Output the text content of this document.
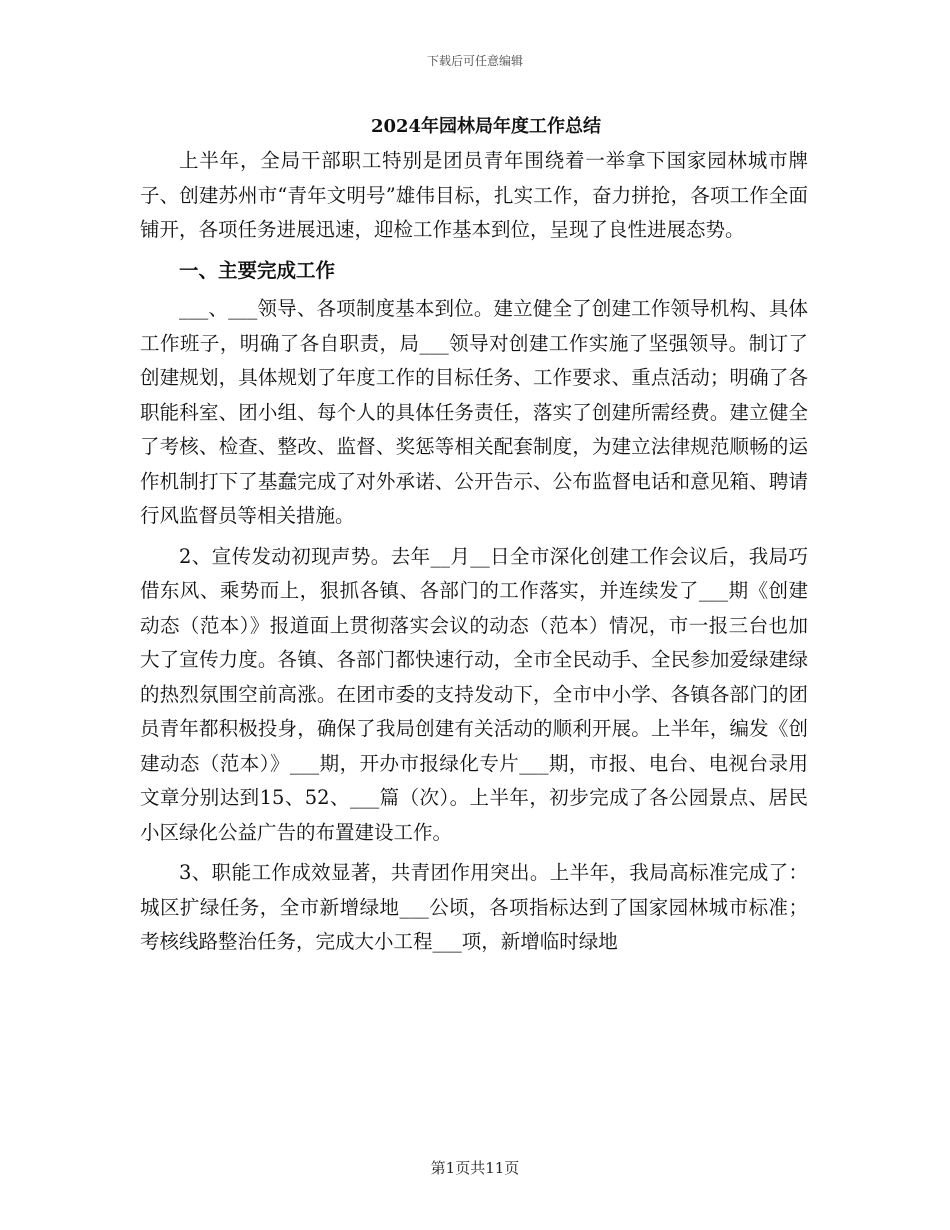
下载后可任意编辑
2024年园林局年度工作总结

上半年，全局干部职工特别是团员青年围绕着一举拿下国家园林城市牌子、创建苏州市“青年文明号”雄伟目标，扎实工作，奋力拼抢，各项工作全面铺开，各项任务进展迅速，迎检工作基本到位，呈现了良性进展态势。

一、主要完成工作

___、___领导、各项制度基本到位。建立健全了创建工作领导机构、具体工作班子，明确了各自职责，局___领导对创建工作实施了坚强领导。制订了创建规划，具体规划了年度工作的目标任务、工作要求、重点活动；明确了各职能科室、团小组、每个人的具体任务责任，落实了创建所需经费。建立健全了考核、检查、整改、监督、奖惩等相关配套制度，为建立法律规范顺畅的运作机制打下了基蠢完成了对外承诺、公开告示、公布监督电话和意见箱、聘请行风监督员等相关措施。

2、宣传发动初现声势。去年__月__日全市深化创建工作会议后，我局巧借东风、乘势而上，狠抓各镇、各部门的工作落实，并连续发了___期《创建动态（范本）》报道面上贯彻落实会议的动态（范本）情况，市一报三台也加大了宣传力度。各镇、各部门都快速行动，全市全民动手、全民参加爱绿建绿的热烈氛围空前高涨。在团市委的支持发动下，全市中小学、各镇各部门的团员青年都积极投身，确保了我局创建有关活动的顺利开展。上半年，编发《创建动态（范本）》___期，开办市报绿化专片___期，市报、电台、电视台录用文章分别达到15、52、___篇（次）。上半年，初步完成了各公园景点、居民小区绿化公益广告的布置建设工作。

3、职能工作成效显著，共青团作用突出。上半年，我局高标准完成了：城区扩绿任务，全市新增绿地___公顷，各项指标达到了国家园林城市标准；考核线路整治任务，完成大小工程___项，新增临时绿地

第1页共11页
